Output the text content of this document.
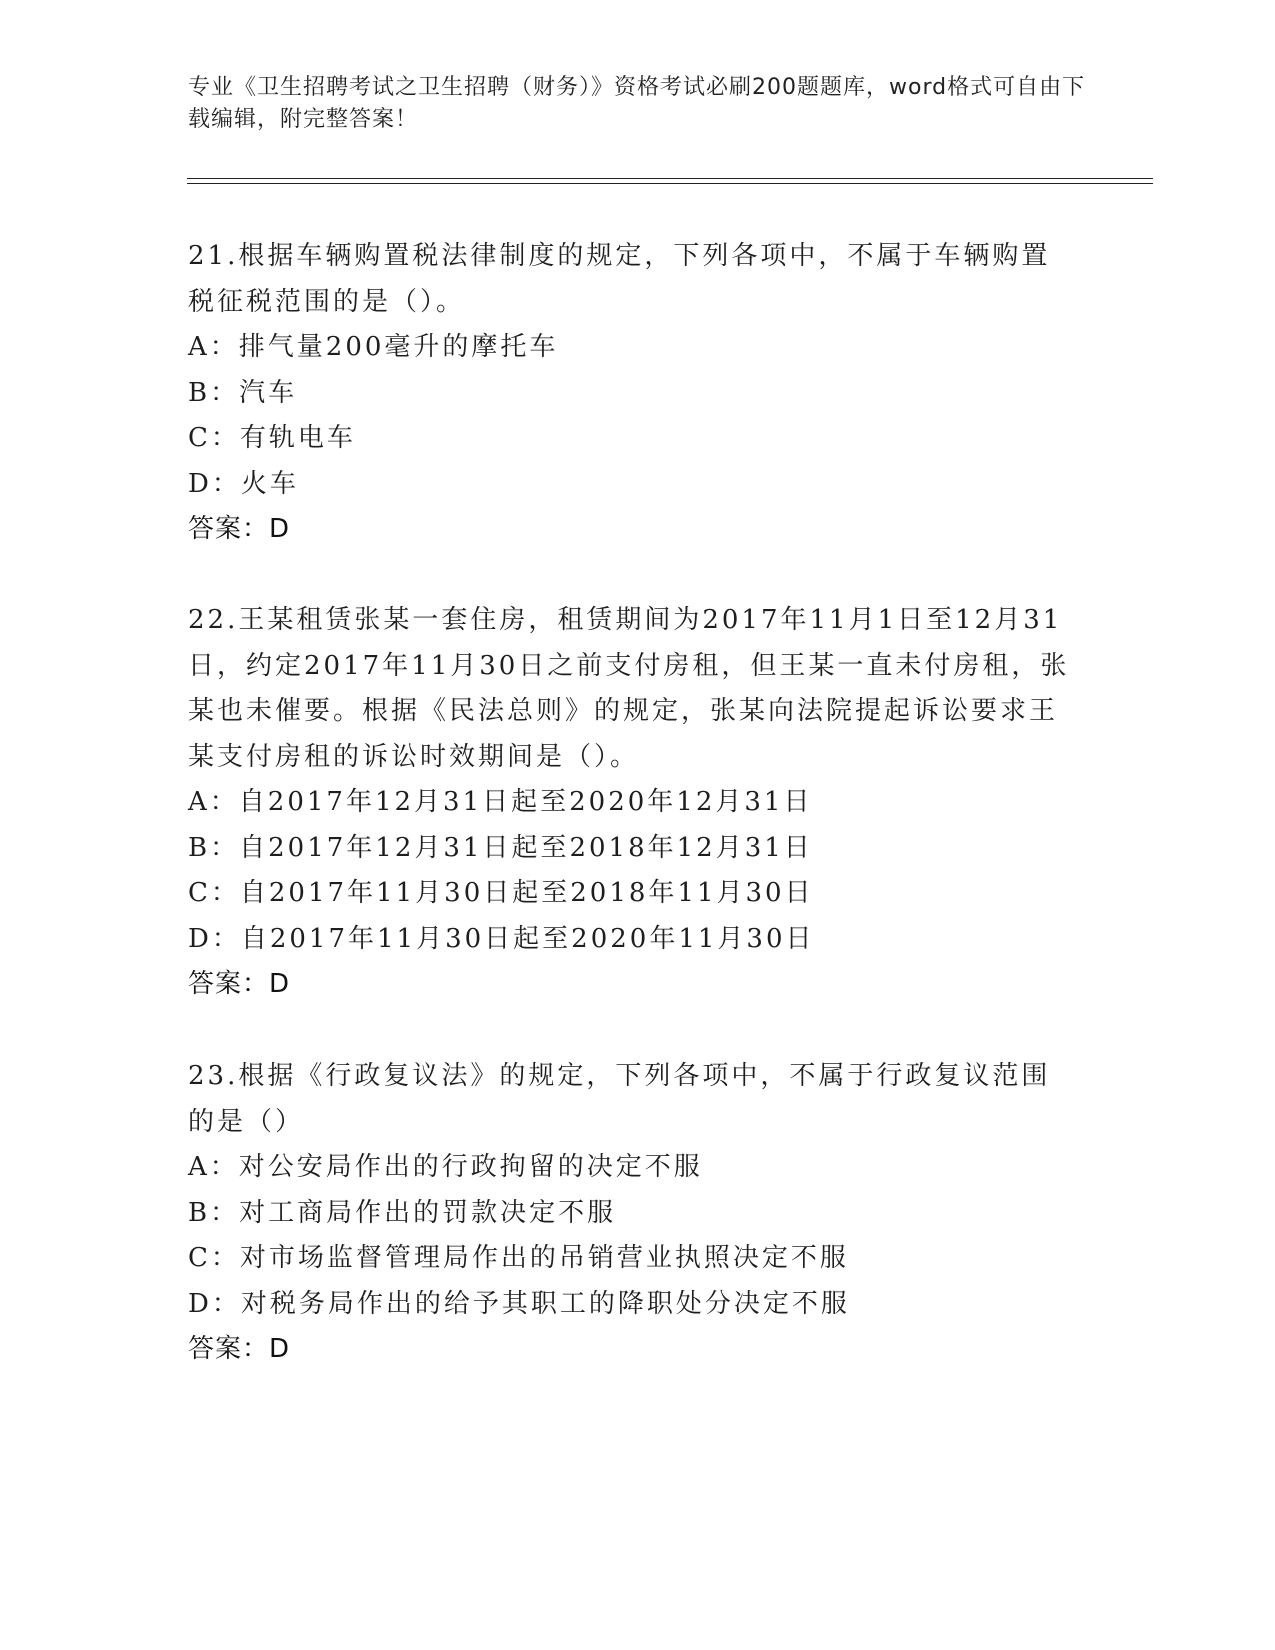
专业《卫生招聘考试之卫生招聘（财务）》资格考试必刷200题题库，word格式可自由下载编辑，附完整答案！

21.根据车辆购置税法律制度的规定，下列各项中，不属于车辆购置税征税范围的是（）。

A：排气量200毫升的摩托车

B：汽车

C：有轨电车

D：火车

答案：D

22.王某租赁张某一套住房，租赁期间为2017年11月1日至12月31日，约定2017年11月30日之前支付房租，但王某一直未付房租，张某也未催要。根据《民法总则》的规定，张某向法院提起诉讼要求王某支付房租的诉讼时效期间是（）。

A：自2017年12月31日起至2020年12月31日

B：自2017年12月31日起至2018年12月31日

C：自2017年11月30日起至2018年11月30日

D：自2017年11月30日起至2020年11月30日

答案：D

23.根据《行政复议法》的规定，下列各项中，不属于行政复议范围的是（）

A：对公安局作出的行政拘留的决定不服

B：对工商局作出的罚款决定不服

C：对市场监督管理局作出的吊销营业执照决定不服

D：对税务局作出的给予其职工的降职处分决定不服

答案：D
